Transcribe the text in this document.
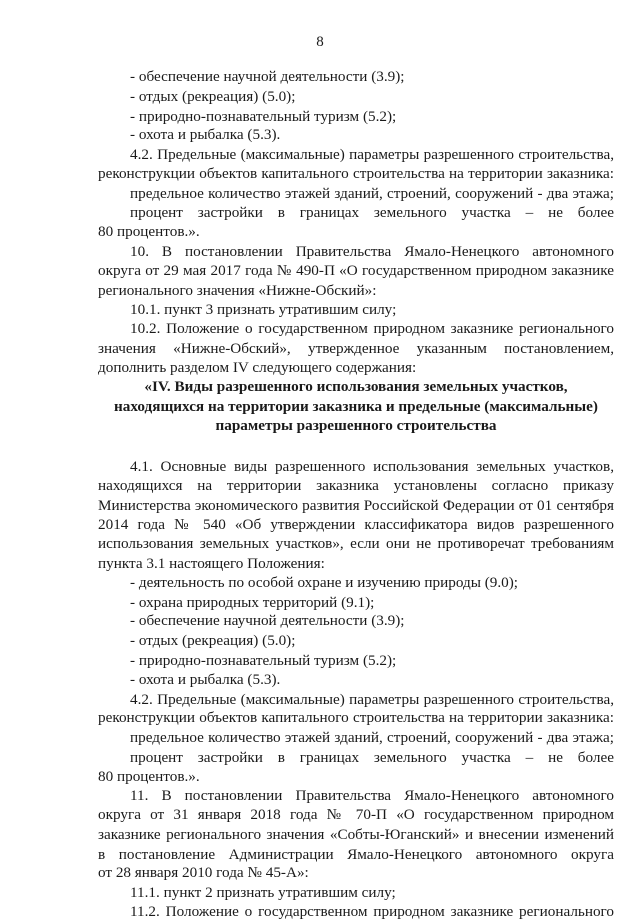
8
- обеспечение научной деятельности (3.9);
- отдых (рекреация) (5.0);
- природно-познавательный туризм (5.2);
- охота и рыбалка (5.3).
4.2. Предельные (максимальные) параметры разрешенного строительства,
реконструкции объектов капитального строительства на территории заказника:
предельное количество этажей зданий, строений, сооружений - два этажа;
процент застройки в границах земельного участка – не более
80 процентов.».
10. В постановлении Правительства Ямало-Ненецкого автономного
округа от 29 мая 2017 года № 490-П «О государственном природном заказнике
регионального значения «Нижне-Обский»:
10.1. пункт 3 признать утратившим силу;
10.2. Положение о государственном природном заказнике регионального
значения «Нижне-Обский», утвержденное указанным постановлением,
дополнить разделом IV следующего содержания:
«IV. Виды разрешенного использования земельных участков,
находящихся на территории заказника и предельные (максимальные)
параметры разрешенного строительства
4.1. Основные виды разрешенного использования земельных участков,
находящихся на территории заказника установлены согласно приказу
Министерства экономического развития Российской Федерации от 01 сентября
2014 года № 540 «Об утверждении классификатора видов разрешенного
использования земельных участков», если они не противоречат требованиям
пункта 3.1 настоящего Положения:
- деятельность по особой охране и изучению природы (9.0);
- охрана природных территорий (9.1);
- обеспечение научной деятельности (3.9);
- отдых (рекреация) (5.0);
- природно-познавательный туризм (5.2);
- охота и рыбалка (5.3).
4.2. Предельные (максимальные) параметры разрешенного строительства,
реконструкции объектов капитального строительства на территории заказника:
предельное количество этажей зданий, строений, сооружений - два этажа;
процент застройки в границах земельного участка – не более
80 процентов.».
11. В постановлении Правительства Ямало-Ненецкого автономного
округа от 31 января 2018 года № 70-П «О государственном природном
заказнике регионального значения «Собты-Юганский» и внесении изменений
в постановление Администрации Ямало-Ненецкого автономного округа
от 28 января 2010 года № 45-А»:
11.1. пункт 2 признать утратившим силу;
11.2. Положение о государственном природном заказнике регионального
